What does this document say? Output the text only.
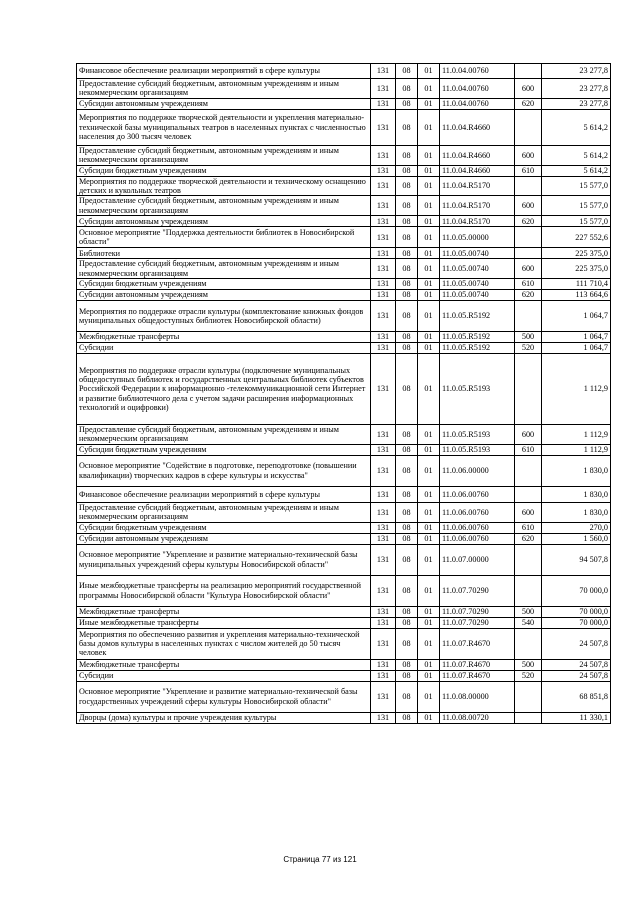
Финансовое обеспечение реализации мероприятий в сфере культуры	131	08	01	11.0.04.00760		23 277,8
Предоставление субсидий бюджетным, автономным учреждениям и иным некоммерческим организациям	131	08	01	11.0.04.00760	600	23 277,8
Субсидии автономным учреждениям	131	08	01	11.0.04.00760	620	23 277,8
Мероприятия по поддержке творческой деятельности и укрепления материально-технической базы муниципальных театров в населенных пунктах с численностью населения до 300 тысяч человек	131	08	01	11.0.04.R4660		5 614,2
Предоставление субсидий бюджетным, автономным учреждениям и иным некоммерческим организациям	131	08	01	11.0.04.R4660	600	5 614,2
Субсидии бюджетным учреждениям	131	08	01	11.0.04.R4660	610	5 614,2
Мероприятия по поддержке творческой деятельности и техническому оснащению детских и кукольных театров	131	08	01	11.0.04.R5170		15 577,0
Предоставление субсидий бюджетным, автономным учреждениям и иным некоммерческим организациям	131	08	01	11.0.04.R5170	600	15 577,0
Субсидии автономным учреждениям	131	08	01	11.0.04.R5170	620	15 577,0
Основное мероприятие "Поддержка деятельности библиотек в Новосибирской области"	131	08	01	11.0.05.00000		227 552,6
Библиотеки	131	08	01	11.0.05.00740		225 375,0
Предоставление субсидий бюджетным, автономным учреждениям и иным некоммерческим организациям	131	08	01	11.0.05.00740	600	225 375,0
Субсидии бюджетным учреждениям	131	08	01	11.0.05.00740	610	111 710,4
Субсидии автономным учреждениям	131	08	01	11.0.05.00740	620	113 664,6
Мероприятия по поддержке отрасли культуры (комплектование книжных фондов муниципальных общедоступных библиотек Новосибирской области)	131	08	01	11.0.05.R5192		1 064,7
Межбюджетные трансферты	131	08	01	11.0.05.R5192	500	1 064,7
Субсидии	131	08	01	11.0.05.R5192	520	1 064,7
Мероприятия по поддержке отрасли культуры (подключение муниципальных общедоступных библиотек и государственных центральных библиотек субъектов Российской Федерации к информационно -телекоммуникационной сети Интернет и развитие библиотечного дела с учетом задачи расширения информационных технологий и оцифровки)	131	08	01	11.0.05.R5193		1 112,9
Предоставление субсидий бюджетным, автономным учреждениям и иным некоммерческим организациям	131	08	01	11.0.05.R5193	600	1 112,9
Субсидии бюджетным учреждениям	131	08	01	11.0.05.R5193	610	1 112,9
Основное мероприятие "Содействие в подготовке, переподготовке (повышении квалификации) творческих кадров в сфере культуры и искусства"	131	08	01	11.0.06.00000		1 830,0
Финансовое обеспечение реализации мероприятий в сфере культуры	131	08	01	11.0.06.00760		1 830,0
Предоставление субсидий бюджетным, автономным учреждениям и иным некоммерческим организациям	131	08	01	11.0.06.00760	600	1 830,0
Субсидии бюджетным учреждениям	131	08	01	11.0.06.00760	610	270,0
Субсидии автономным учреждениям	131	08	01	11.0.06.00760	620	1 560,0
Основное мероприятие "Укрепление и развитие материально-технической базы муниципальных учреждений сферы культуры Новосибирской области"	131	08	01	11.0.07.00000		94 507,8
Иные межбюджетные трансферты на реализацию мероприятий государственной программы Новосибирской области "Культура Новосибирской области"	131	08	01	11.0.07.70290		70 000,0
Межбюджетные трансферты	131	08	01	11.0.07.70290	500	70 000,0
Иные межбюджетные трансферты	131	08	01	11.0.07.70290	540	70 000,0
Мероприятия по обеспечению развития и укрепления материально-технической базы домов культуры в населенных пунктах с числом жителей до 50 тысяч человек	131	08	01	11.0.07.R4670		24 507,8
Межбюджетные трансферты	131	08	01	11.0.07.R4670	500	24 507,8
Субсидии	131	08	01	11.0.07.R4670	520	24 507,8
Основное мероприятие "Укрепление и развитие материально-технической базы государственных учреждений сферы культуры Новосибирской области"	131	08	01	11.0.08.00000		68 851,8
Дворцы (дома) культуры и прочие учреждения культуры	131	08	01	11.0.08.00720		11 330,1
Страница 77 из 121
